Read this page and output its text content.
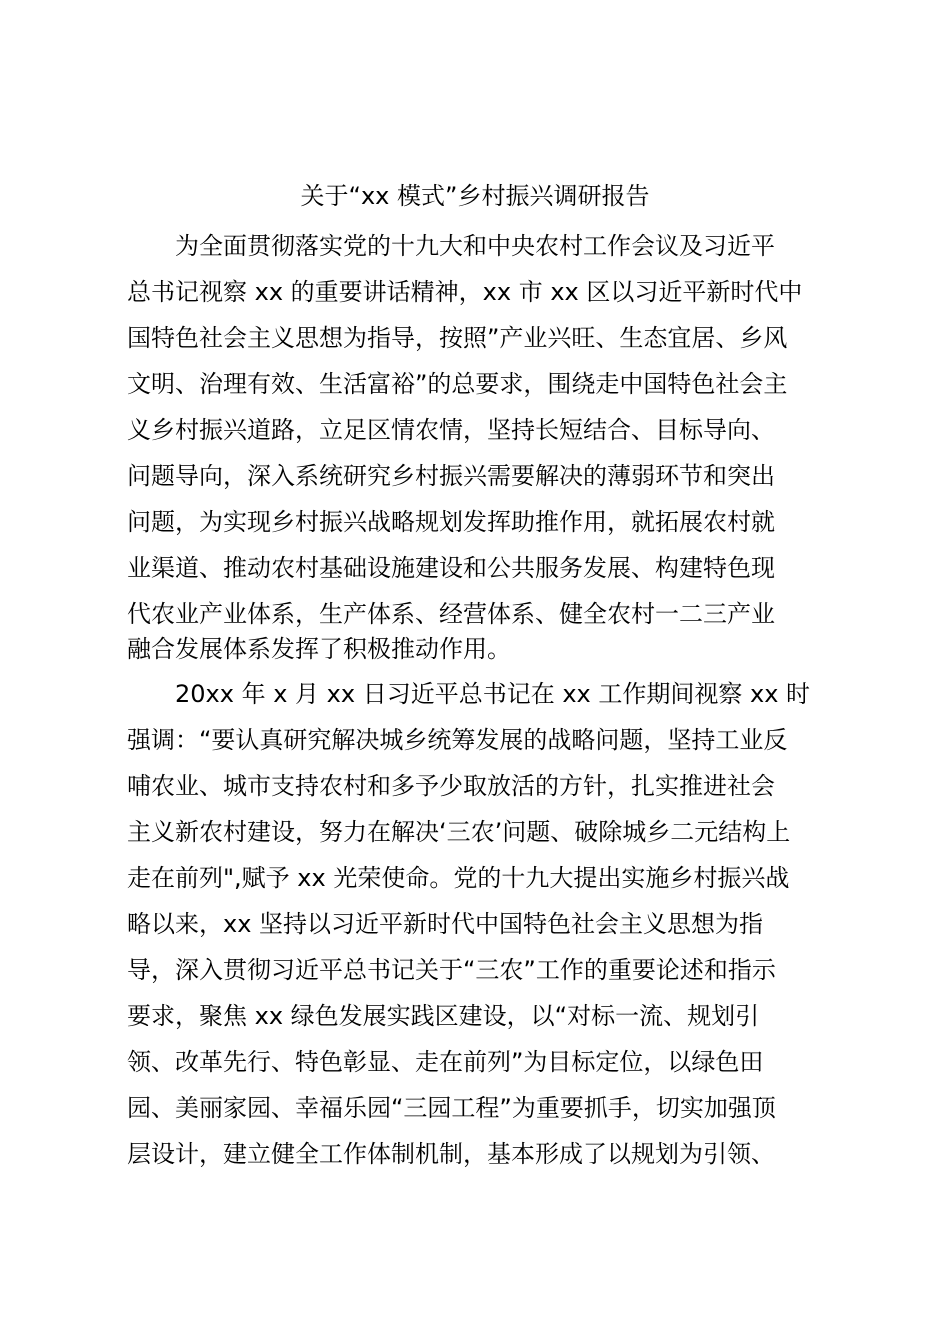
关于“xx 模式”乡村振兴调研报告
　　为全面贯彻落实党的十九大和中央农村工作会议及习近平
总书记视察 xx 的重要讲话精神，xx 市 xx 区以习近平新时代中
国特色社会主义思想为指导，按照”产业兴旺、生态宜居、乡风
文明、治理有效、生活富裕”的总要求，围绕走中国特色社会主
义乡村振兴道路，立足区情农情，坚持长短结合、目标导向、
问题导向，深入系统研究乡村振兴需要解决的薄弱环节和突出
问题，为实现乡村振兴战略规划发挥助推作用，就拓展农村就
业渠道、推动农村基础设施建设和公共服务发展、构建特色现
代农业产业体系，生产体系、经营体系、健全农村一二三产业
融合发展体系发挥了积极推动作用。
　　20xx 年 x 月 xx 日习近平总书记在 xx 工作期间视察 xx 时
强调：“要认真研究解决城乡统筹发展的战略问题，坚持工业反
哺农业、城市支持农村和多予少取放活的方针，扎实推进社会
主义新农村建设，努力在解决‘三农’问题、破除城乡二元结构上
走在前列",赋予 xx 光荣使命。党的十九大提出实施乡村振兴战
略以来，xx 坚持以习近平新时代中国特色社会主义思想为指
导，深入贯彻习近平总书记关于“三农”工作的重要论述和指示
要求，聚焦 xx 绿色发展实践区建设，以“对标一流、规划引
领、改革先行、特色彰显、走在前列”为目标定位，以绿色田
园、美丽家园、幸福乐园“三园工程”为重要抓手，切实加强顶
层设计，建立健全工作体制机制，基本形成了以规划为引领、
